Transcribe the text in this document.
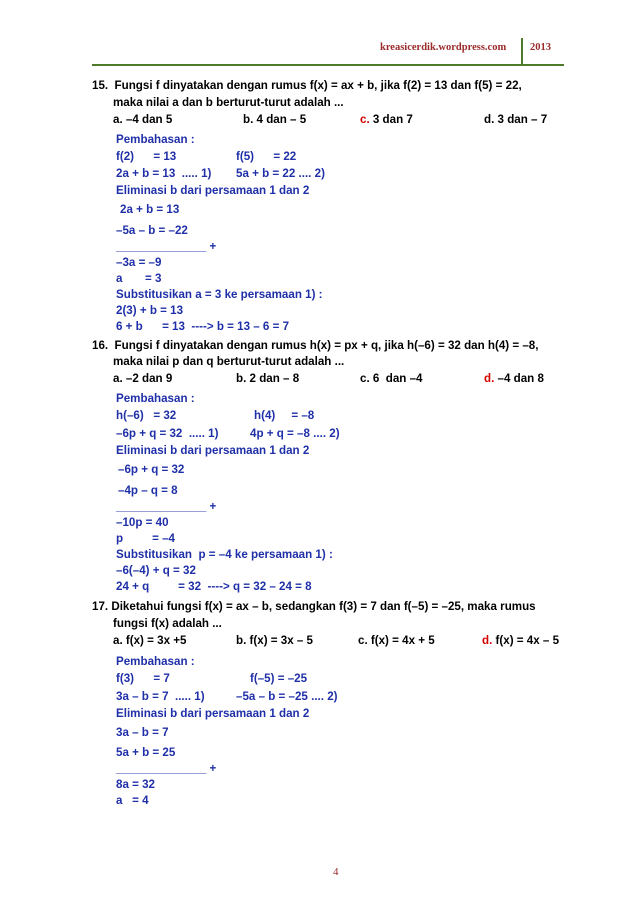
kreasicerdik.wordpress.com 2013
15.  Fungsi f dinyatakan dengan rumus f(x) = ax + b, jika f(2) = 13 dan f(5) = 22,
maka nilai a dan b berturut-turut adalah ...
a. –4 dan 5	b. 4 dan – 5	c. 3 dan 7	d. 3 dan – 7
Pembahasan :
f(2)      = 13	f(5)      = 22
2a + b = 13  ..... 1) 5a + b = 22 .... 2)
Eliminasi b dari persamaan 1 dan 2
2a + b = 13
–5a – b = –22
______________ +
–3a = –9
a       = 3
Substitusikan a = 3 ke persamaan 1) :
2(3) + b = 13
6 + b      = 13  ----> b = 13 – 6 = 7
16.  Fungsi f dinyatakan dengan rumus h(x) = px + q, jika h(–6) = 32 dan h(4) = –8,
maka nilai p dan q berturut-turut adalah ...
a. –2 dan 9	b. 2 dan – 8	c. 6  dan –4	d. –4 dan 8
Pembahasan :
h(–6)   = 32	h(4)     = –8
–6p + q = 32  ..... 1)	4p + q = –8 .... 2)
Eliminasi b dari persamaan 1 dan 2
–6p + q = 32
–4p – q = 8
______________ +
–10p = 40
p         = –4
Substitusikan  p = –4 ke persamaan 1) :
–6(–4) + q = 32
24 + q         = 32  ----> q = 32 – 24 = 8
17. Diketahui fungsi f(x) = ax – b, sedangkan f(3) = 7 dan f(–5) = –25, maka rumus
fungsi f(x) adalah ...
a. f(x) = 3x +5	b. f(x) = 3x – 5	c. f(x) = 4x + 5	d. f(x) = 4x – 5
Pembahasan :
f(3)      = 7	f(–5) = –25
3a – b = 7  ..... 1)	–5a – b = –25 .... 2)
Eliminasi b dari persamaan 1 dan 2
3a – b = 7
5a + b = 25
______________ +
8a = 32
a   = 4
4
